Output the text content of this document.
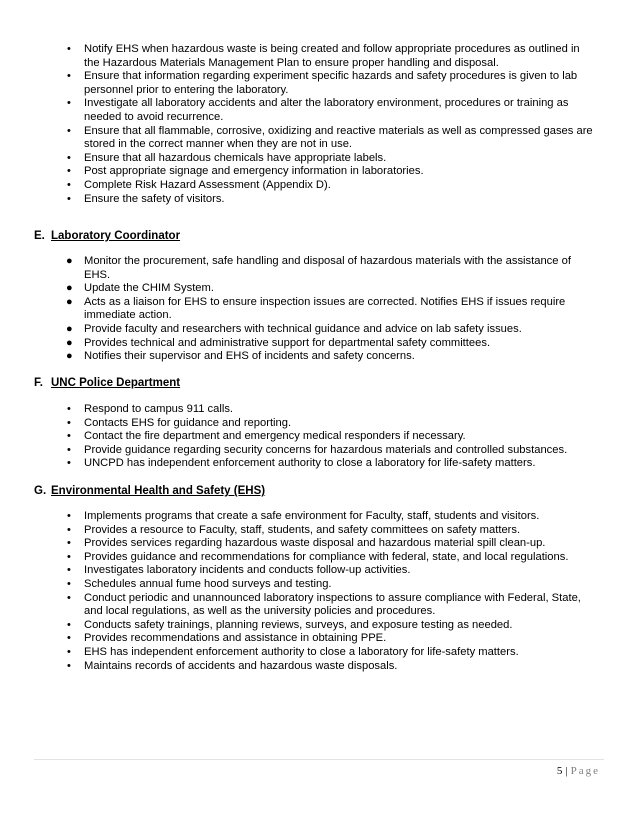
• Notify EHS when hazardous waste is being created and follow appropriate procedures as outlined in the Hazardous Materials Management Plan to ensure proper handling and disposal.
• Ensure that information regarding experiment specific hazards and safety procedures is given to lab personnel prior to entering the laboratory.
• Investigate all laboratory accidents and alter the laboratory environment, procedures or training as needed to avoid recurrence.
• Ensure that all flammable, corrosive, oxidizing and reactive materials as well as compressed gases are stored in the correct manner when they are not in use.
• Ensure that all hazardous chemicals have appropriate labels.
• Post appropriate signage and emergency information in laboratories.
• Complete Risk Hazard Assessment (Appendix D).
• Ensure the safety of visitors.
E. Laboratory Coordinator
● Monitor the procurement, safe handling and disposal of hazardous materials with the assistance of EHS.
● Update the CHIM System.
● Acts as a liaison for EHS to ensure inspection issues are corrected. Notifies EHS if issues require immediate action.
● Provide faculty and researchers with technical guidance and advice on lab safety issues.
● Provides technical and administrative support for departmental safety committees.
● Notifies their supervisor and EHS of incidents and safety concerns.
F. UNC Police Department
• Respond to campus 911 calls.
• Contacts EHS for guidance and reporting.
• Contact the fire department and emergency medical responders if necessary.
• Provide guidance regarding security concerns for hazardous materials and controlled substances.
• UNCPD has independent enforcement authority to close a laboratory for life-safety matters.
G. Environmental Health and Safety (EHS)
• Implements programs that create a safe environment for Faculty, staff, students and visitors.
• Provides a resource to Faculty, staff, students, and safety committees on safety matters.
• Provides services regarding hazardous waste disposal and hazardous material spill clean-up.
• Provides guidance and recommendations for compliance with federal, state, and local regulations.
• Investigates laboratory incidents and conducts follow-up activities.
• Schedules annual fume hood surveys and testing.
• Conduct periodic and unannounced laboratory inspections to assure compliance with Federal, State, and local regulations, as well as the university policies and procedures.
• Conducts safety trainings, planning reviews, surveys, and exposure testing as needed.
• Provides recommendations and assistance in obtaining PPE.
• EHS has independent enforcement authority to close a laboratory for life-safety matters.
• Maintains records of accidents and hazardous waste disposals.
5 | Page
